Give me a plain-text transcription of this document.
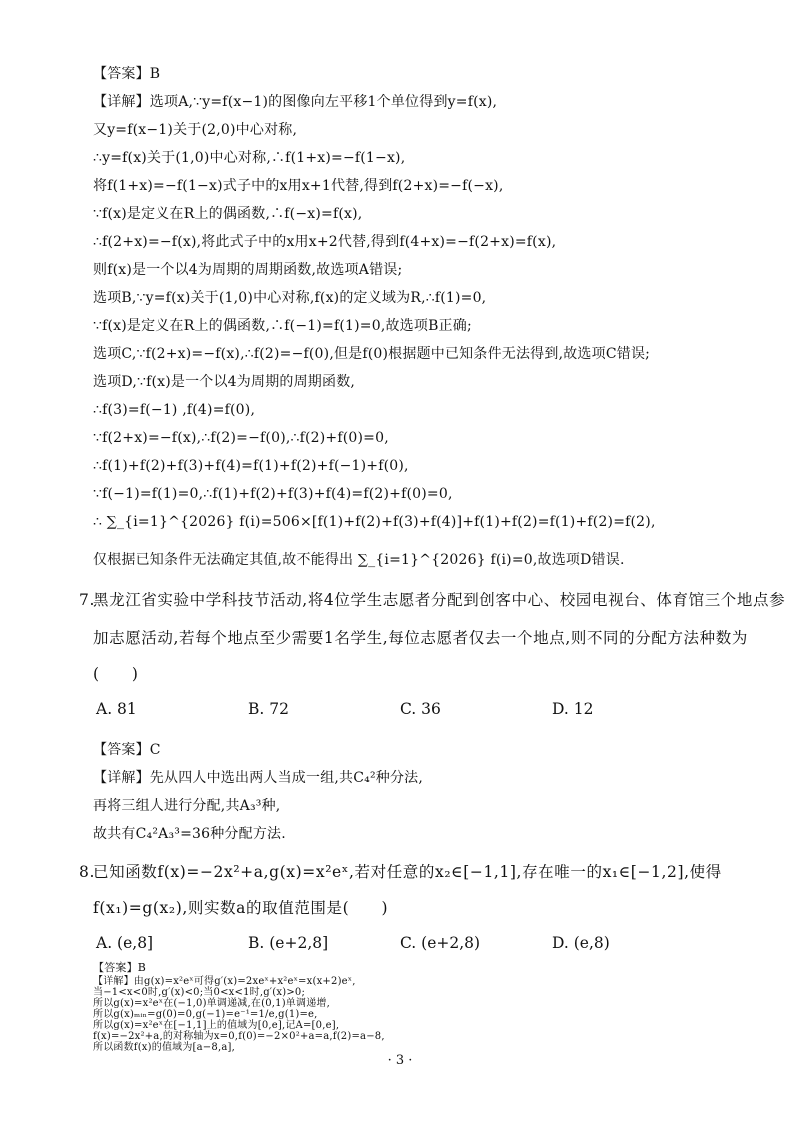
【答案】B
【详解】选项A,∵y=f(x−1)的图像向左平移1个单位得到y=f(x),
又y=f(x−1)关于(2,0)中心对称,
∴y=f(x)关于(1,0)中心对称,∴f(1+x)=−f(1−x),
将f(1+x)=−f(1−x)式子中的x用x+1代替,得到f(2+x)=−f(−x),
∵f(x)是定义在R上的偶函数,∴f(−x)=f(x),
∴f(2+x)=−f(x),将此式子中的x用x+2代替,得到f(4+x)=−f(2+x)=f(x),
则f(x)是一个以4为周期的周期函数,故选项A错误;
选项B,∵y=f(x)关于(1,0)中心对称,f(x)的定义域为R,∴f(1)=0,
∵f(x)是定义在R上的偶函数,∴f(−1)=f(1)=0,故选项B正确;
选项C,∵f(2+x)=−f(x),∴f(2)=−f(0),但是f(0)根据题中已知条件无法得到,故选项C错误;
选项D,∵f(x)是一个以4为周期的周期函数,
∴f(3)=f(−1) ,f(4)=f(0),
∵f(2+x)=−f(x),∴f(2)=−f(0),∴f(2)+f(0)=0,
∴f(1)+f(2)+f(3)+f(4)=f(1)+f(2)+f(−1)+f(0),
∵f(−1)=f(1)=0,∴f(1)+f(2)+f(3)+f(4)=f(2)+f(0)=0,
∴ ∑_{i=1}^{2026} f(i)=506×[f(1)+f(2)+f(3)+f(4)]+f(1)+f(2)=f(1)+f(2)=f(2),
仅根据已知条件无法确定其值,故不能得出 ∑_{i=1}^{2026} f(i)=0,故选项D错误.
7.黑龙江省实验中学科技节活动,将4位学生志愿者分配到创客中心、校园电视台、体育馆三个地点参
加志愿活动,若每个地点至少需要1名学生,每位志愿者仅去一个地点,则不同的分配方法种数为
(　　)
A. 81	B. 72	C. 36	D. 12
【答案】C
【详解】先从四人中选出两人当成一组,共C₄²种分法,
再将三组人进行分配,共A₃³种,
故共有C₄²A₃³=36种分配方法.
8.已知函数f(x)=−2x²+a,g(x)=x²eˣ,若对任意的x₂∈[−1,1],存在唯一的x₁∈[−1,2],使得
f(x₁)=g(x₂),则实数a的取值范围是(　　)
A. (e,8]	B. (e+2,8]	C. (e+2,8)	D. (e,8)
【答案】B
· 3 ·
【详解】由g(x)=x²eˣ可得g′(x)=2xeˣ+x²eˣ=x(x+2)eˣ,
当−1<x<0时,g′(x)<0;当0<x<1时,g′(x)>0;
所以g(x)=x²eˣ在(−1,0)单调递减,在(0,1)单调递增,
所以g(x)ₘᵢₙ=g(0)=0,g(−1)=e⁻¹=1/e,g(1)=e,
所以g(x)=x²eˣ在[−1,1]上的值域为[0,e],记A=[0,e],
f(x)=−2x²+a,的对称轴为x=0,f(0)=−2×0²+a=a,f(2)=a−8,
所以函数f(x)的值域为[a−8,a],
